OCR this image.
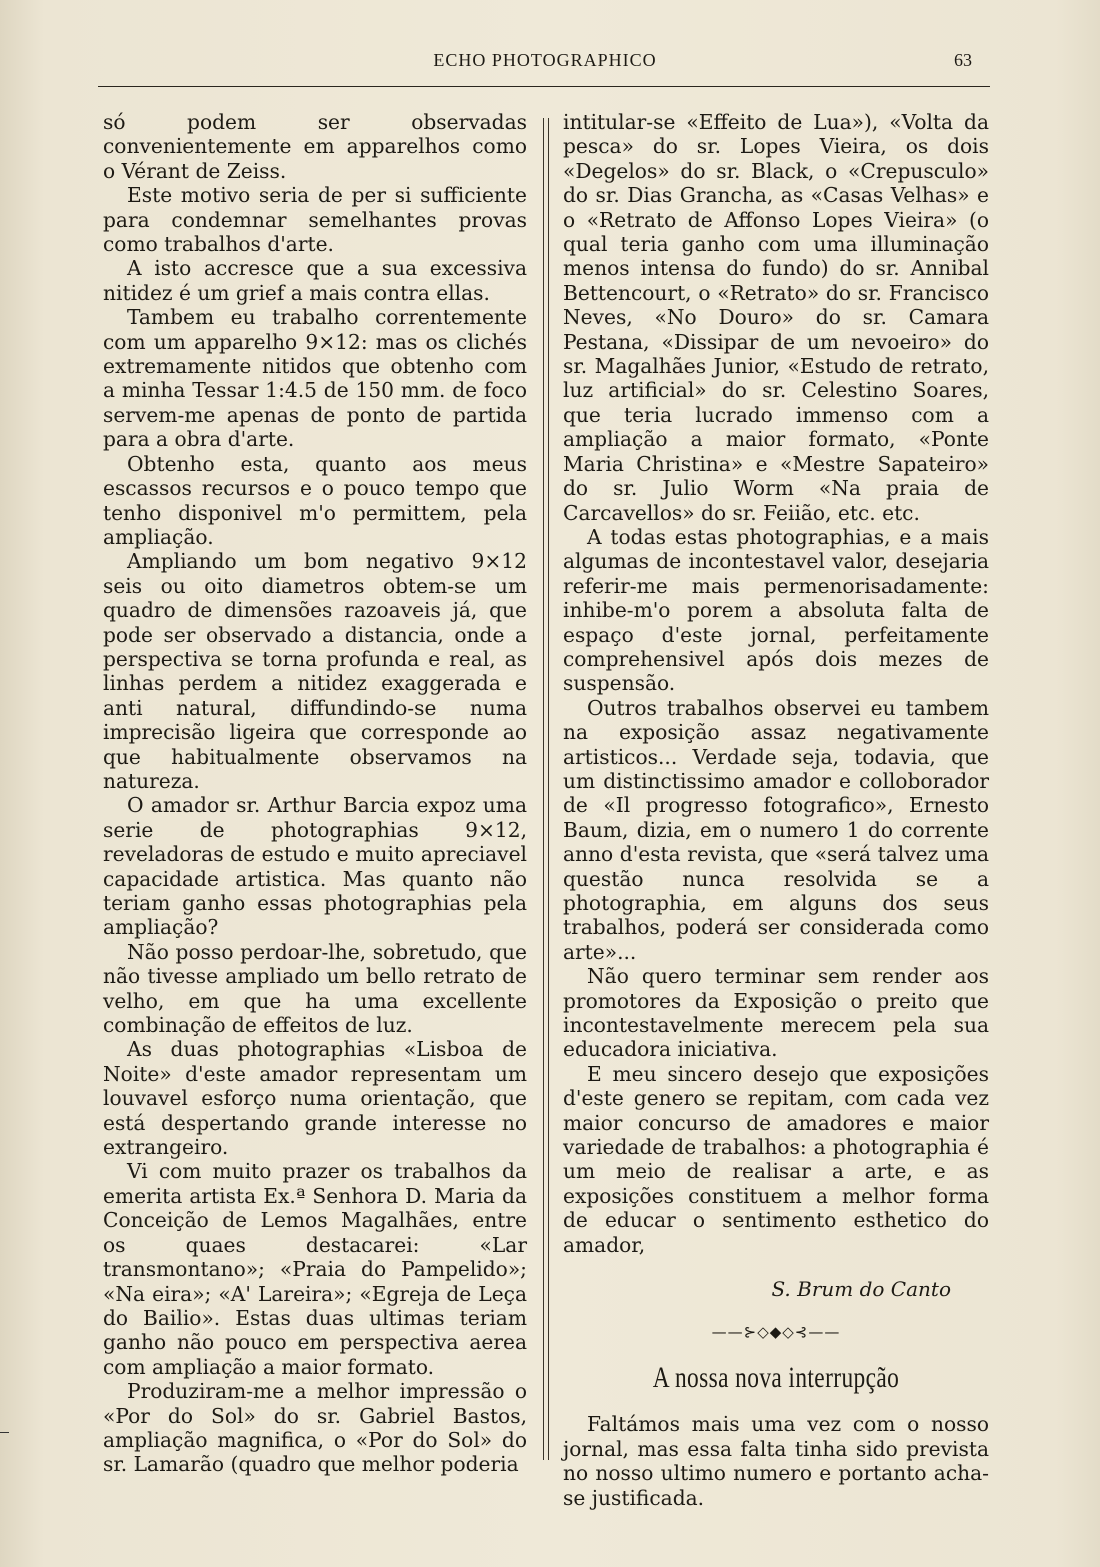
ECHO PHOTOGRAPHICO	63

só podem ser observadas convenientemente em apparelhos como o Vérant de Zeiss.

Este motivo seria de per si sufficiente para condemnar semelhantes provas como trabalhos d'arte.

A isto accresce que a sua excessiva nitidez é um grief a mais contra ellas.

Tambem eu trabalho correntemente com um apparelho 9×12: mas os clichés extremamente nitidos que obtenho com a minha Tessar 1:4.5 de 150 mm. de foco servem-me apenas de ponto de partida para a obra d'arte.

Obtenho esta, quanto aos meus escassos recursos e o pouco tempo que tenho disponivel m'o permittem, pela ampliação.

Ampliando um bom negativo 9×12 seis ou oito diametros obtem-se um quadro de dimensões razoaveis já, que pode ser observado a distancia, onde a perspectiva se torna profunda e real, as linhas perdem a nitidez exaggerada e anti natural, diffundindo-se numa imprecisão ligeira que corresponde ao que habitualmente observamos na natureza.

O amador sr. Arthur Barcia expoz uma serie de photographias 9×12, reveladoras de estudo e muito apreciavel capacidade artistica. Mas quanto não teriam ganho essas photographias pela ampliação?

Não posso perdoar-lhe, sobretudo, que não tivesse ampliado um bello retrato de velho, em que ha uma excellente combinação de effeitos de luz.

As duas photographias «Lisboa de Noite» d'este amador representam um louvavel esforço numa orientação, que está despertando grande interesse no extrangeiro.

Vi com muito prazer os trabalhos da emerita artista Ex.ª Senhora D. Maria da Conceição de Lemos Magalhães, entre os quaes destacarei: «Lar transmontano»; «Praia do Pampelido»; «Na eira»; «A' Lareira»; «Egreja de Leça do Bailio». Estas duas ultimas teriam ganho não pouco em perspectiva aerea com ampliação a maior formato.

Produziram-me a melhor impressão o «Por do Sol» do sr. Gabriel Bastos, ampliação magnifica, o «Por do Sol» do sr. Lamarão (quadro que melhor poderia

intitular-se «Effeito de Lua»), «Volta da pesca» do sr. Lopes Vieira, os dois «Degelos» do sr. Black, o «Crepusculo» do sr. Dias Grancha, as «Casas Velhas» e o «Retrato de Affonso Lopes Vieira» (o qual teria ganho com uma illuminação menos intensa do fundo) do sr. Annibal Bettencourt, o «Retrato» do sr. Francisco Neves, «No Douro» do sr. Camara Pestana, «Dissipar de um nevoeiro» do sr. Magalhães Junior, «Estudo de retrato, luz artificial» do sr. Celestino Soares, que teria lucrado immenso com a ampliação a maior formato, «Ponte Maria Christina» e «Mestre Sapateiro» do sr. Julio Worm «Na praia de Carcavellos» do sr. Feiião, etc. etc.

A todas estas photographias, e a mais algumas de incontestavel valor, desejaria referir-me mais permenorisadamente: inhibe-m'o porem a absoluta falta de espaço d'este jornal, perfeitamente comprehensivel após dois mezes de suspensão.

Outros trabalhos observei eu tambem na exposição assaz negativamente artisticos... Verdade seja, todavia, que um distinctissimo amador e colloborador de «Il progresso fotografico», Ernesto Baum, dizia, em o numero 1 do corrente anno d'esta revista, que «será talvez uma questão nunca resolvida se a photographia, em alguns dos seus trabalhos, poderá ser considerada como arte»...

Não quero terminar sem render aos promotores da Exposição o preito que incontestavelmente merecem pela sua educadora iniciativa.

E meu sincero desejo que exposições d'este genero se repitam, com cada vez maior concurso de amadores e maior variedade de trabalhos: a photographia é um meio de realisar a arte, e as exposições constituem a melhor forma de educar o sentimento esthetico do amador,

S. Brum do Canto
——⊱◇◆◇⊰——
A nossa nova interrupção

Faltámos mais uma vez com o nosso jornal, mas essa falta tinha sido prevista no nosso ultimo numero e portanto acha-se justificada.
